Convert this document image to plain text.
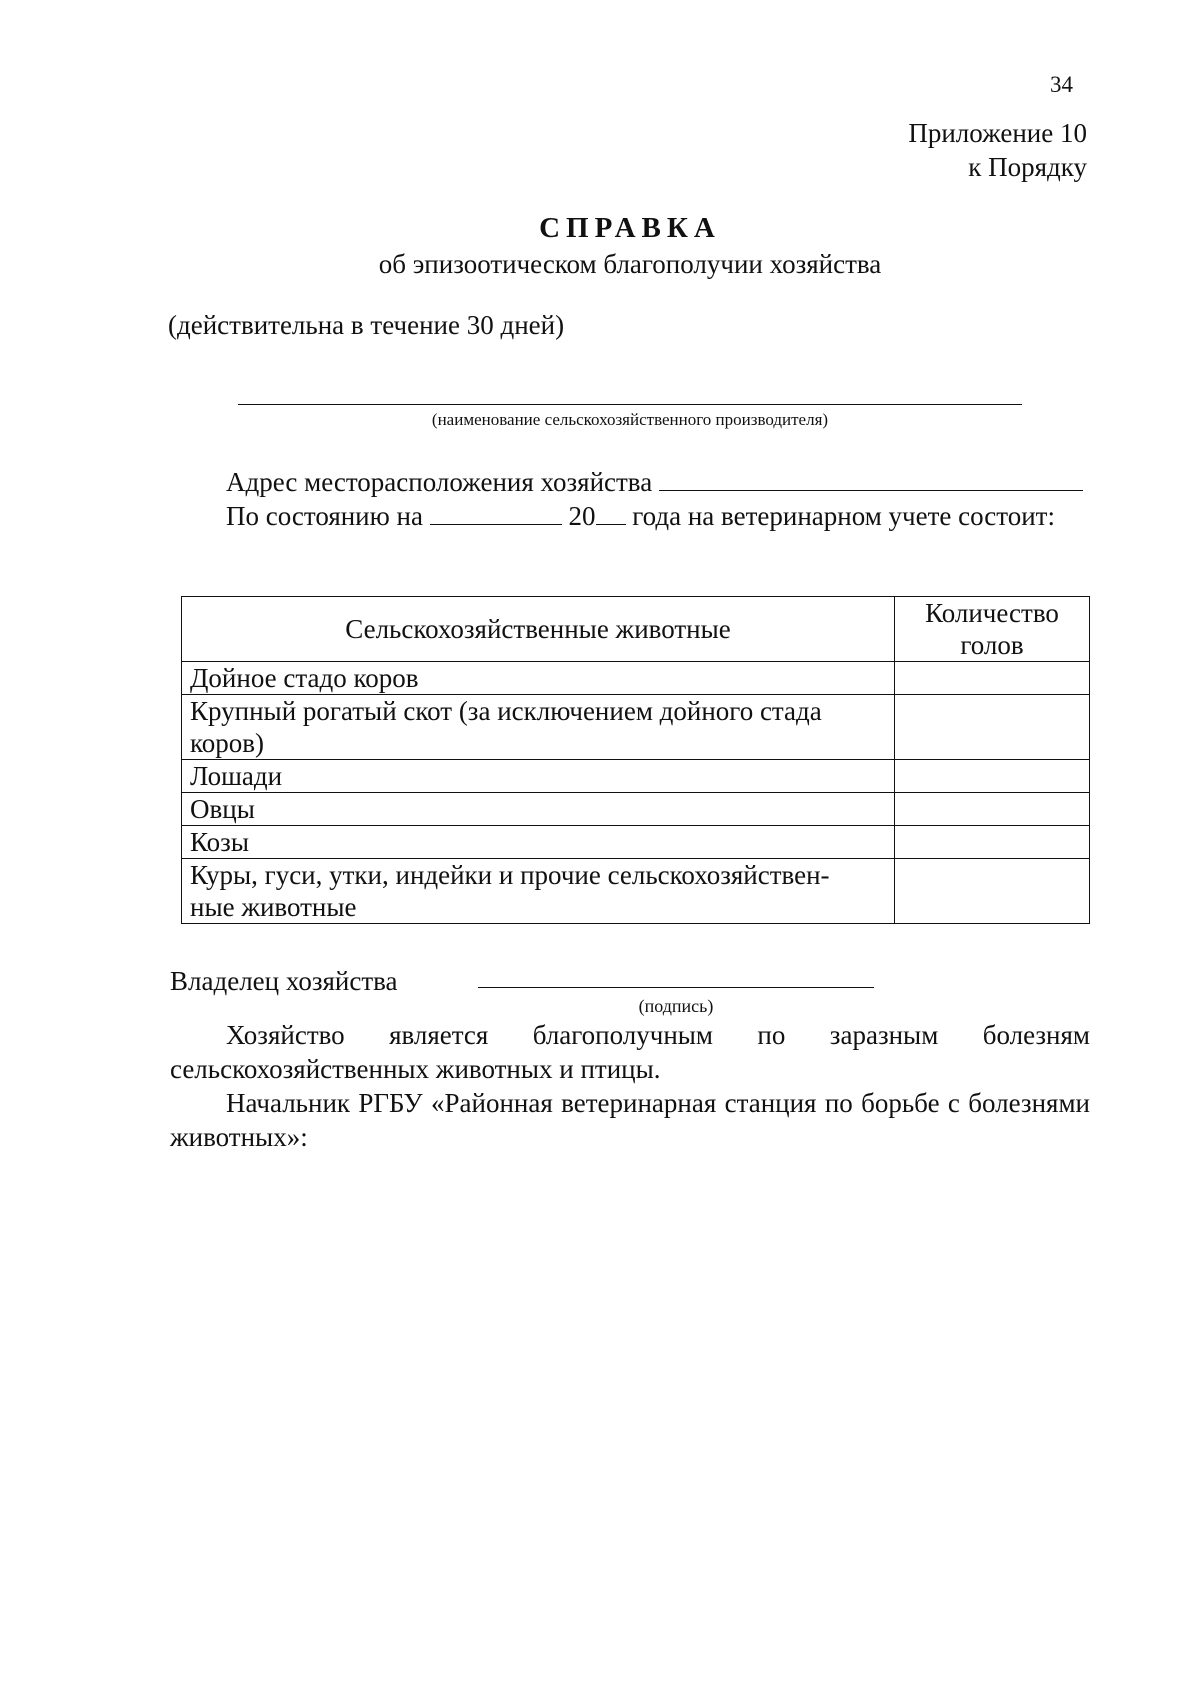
34
Приложение 10
к Порядку
СПРАВКА
об эпизоотическом благополучии хозяйства
(действительна в течение 30 дней)
(наименование сельскохозяйственного производителя)
Адрес месторасположения хозяйства
По состоянию на	20 года на ветеринарном учете состоит:
Сельскохозяйственные животные	Количество
голов

Дойное стадо коров	

Крупный рогатый скот (за исключением дойного стада
коров)	

Лошади	

Овцы	

Козы	

Куры, гуси, утки, индейки и прочие сельскохозяйствен-
ные животные	

Владелец хозяйства
(подпись)
Хозяйство является благополучным по заразным болезням сельскохозяйственных животных и птицы.
Начальник РГБУ «Районная ветеринарная станция по борьбе с болезнями животных»:
